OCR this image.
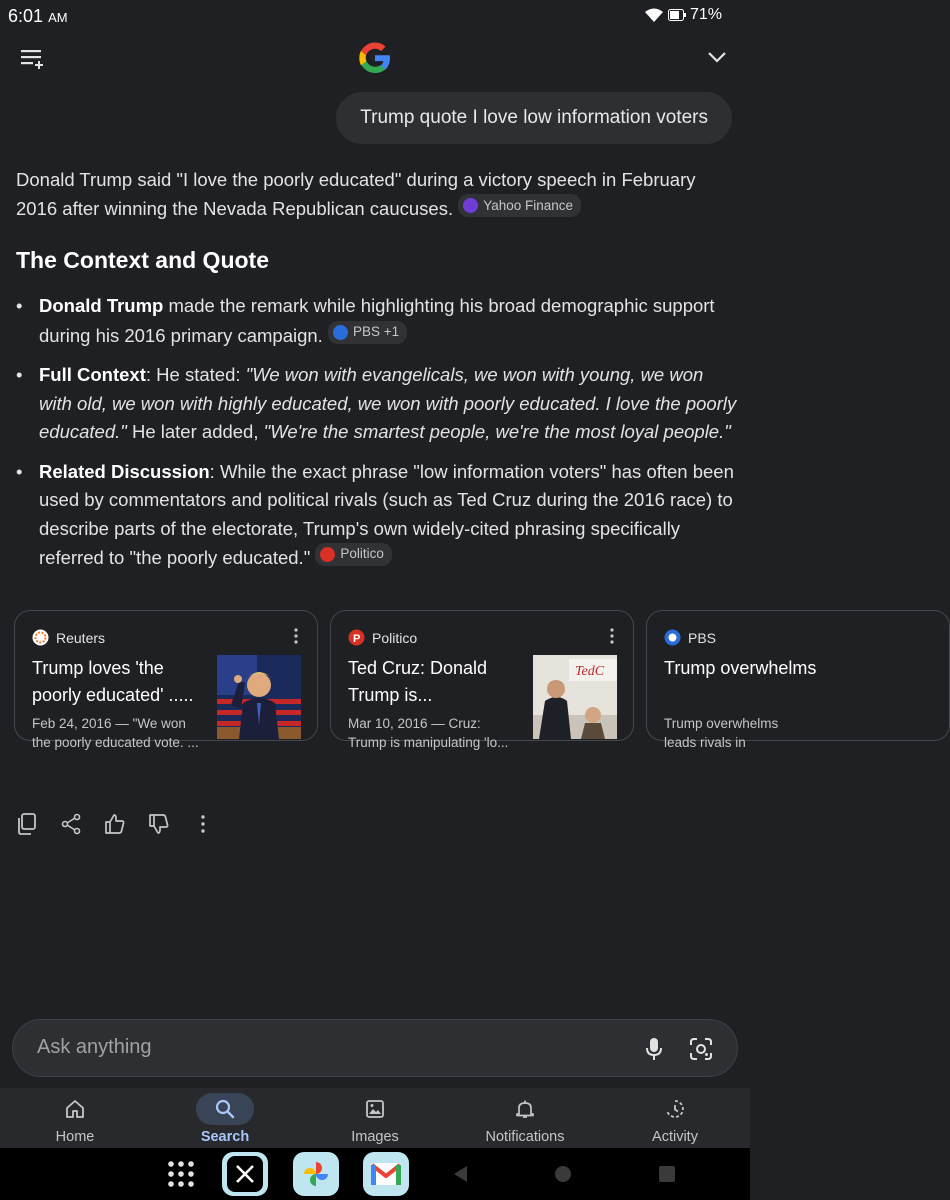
6:01 AM	71%
Trump quote I love low information voters
Donald Trump said "I love the poorly educated" during a victory speech in February 2016 after winning the Nevada Republican caucuses. Yahoo Finance
The Context and Quote
• Donald Trump made the remark while highlighting his broad demographic support during his 2016 primary campaign. PBS +1
• Full Context: He stated: "We won with evangelicals, we won with young, we won with old, we won with highly educated, we won with poorly educated. I love the poorly educated." He later added, "We're the smartest people, we're the most loyal people."
• Related Discussion: While the exact phrase "low information voters" has often been used by commentators and political rivals (such as Ted Cruz during the 2016 race) to describe parts of the electorate, Trump's own widely-cited phrasing specifically referred to "the poorly educated." Politico
Reuters
Trump loves 'the poorly educated' .....
Feb 24, 2016 — "We won
the poorly educated vote. ...
P Politico
Ted Cruz: Donald Trump is...
Mar 10, 2016 — Cruz:
Trump is manipulating 'lo...
TedC
PBS
Trump overwhelms
Trump overwhelms
leads rivals in
Ask anything
Home	Search	Images	Notifications	Activity
